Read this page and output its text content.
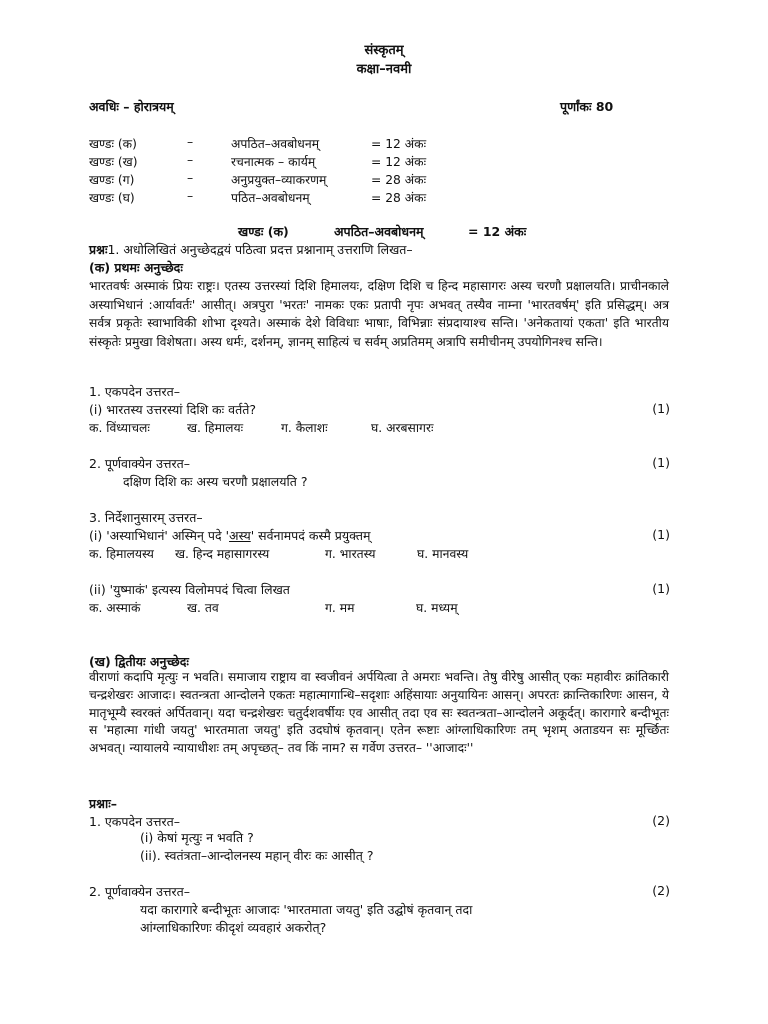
संस्कृतम्
कक्षा–नवमी
अवधिः – होरात्रयम्	पूर्णांकः 80
खण्डः (क)	–	अपठित–अवबोधनम्	= 12 अंकः
खण्डः (ख)	–	रचनात्मक – कार्यम्	= 12 अंकः
खण्डः (ग)	–	अनुप्रयुक्त–व्याकरणम्	= 28 अंकः
खण्डः (घ)	–	पठित–अवबोधनम्	= 28 अंकः
खण्डः (क)	अपठित–अवबोधनम्	= 12 अंकः
प्रश्नः1. अधोलिखितं अनुच्छेदद्वयं पठित्वा प्रदत्त प्रश्नानाम् उत्तराणि लिखत–
(क) प्रथमः अनुच्छेदः
भारतवर्षः अस्माकं प्रियः राष्ट्रः। एतस्य उत्तरस्यां दिशि हिमालयः, दक्षिण दिशि च हिन्द महासागरः अस्य चरणौ प्रक्षालयति। प्राचीनकाले अस्याभिधानं :आर्यावर्तः' आसीत्। अत्रपुरा 'भरतः' नामकः एकः प्रतापी नृपः अभवत् तस्यैव नाम्ना 'भारतवर्षम्' इति प्रसिद्धम्। अत्र सर्वत्र प्रकृतेः स्वाभाविकी शोभा दृश्यते। अस्माकं देशे विविधाः भाषाः, विभिन्नाः संप्रदायाश्च सन्ति। 'अनेकतायां एकता' इति भारतीय संस्कृतेः प्रमुखा विशेषता। अस्य धर्मः, दर्शनम्, ज्ञानम् साहित्यं च सर्वम् अप्रतिमम् अत्रापि समीचीनम् उपयोगिनश्च सन्ति।
1. एकपदेन उत्तरत–
(i) भारतस्य उत्तरस्यां दिशि कः वर्तते?	(1)
क. विंध्याचलः	ख. हिमालयः	ग. कैलाशः	घ. अरबसागरः
2. पूर्णवाक्येन उत्तरत–	(1)
दक्षिण दिशि कः अस्य चरणौ प्रक्षालयति ?
3. निर्देशानुसारम् उत्तरत–
(i) 'अस्याभिधानं' अस्मिन् पदे 'अस्य' सर्वनामपदं कस्मै प्रयुक्तम्	(1)
क. हिमालयस्य ख. हिन्द महासागरस्य	ग. भारतस्य	घ. मानवस्य
(ii) 'युष्माकं' इत्यस्य विलोमपदं चित्वा लिखत	(1)
क. अस्माकं	ख. तव	ग. मम	घ. मध्यम्
(ख) द्वितीयः अनुच्छेदः
वीराणां कदापि मृत्युः न भवति। समाजाय राष्ट्राय वा स्वजीवनं अर्पयित्वा ते अमराः भवन्ति। तेषु वीरेषु आसीत् एकः महावीरः क्रांतिकारी चन्द्रशेखरः आजादः। स्वतन्त्रता आन्दोलने एकतः महात्मागान्धि–सदृशाः अहिंसायाः अनुयायिनः आसन्। अपरतः क्रान्तिकारिणः आसन, ये मातृभूम्यै स्वरक्तं अर्पितवान्। यदा चन्द्रशेखरः चतुर्दशवर्षीयः एव आसीत् तदा एव सः स्वतन्त्रता–आन्दोलने अकूर्दत्। कारागारे बन्दीभूतः स 'महात्मा गांधी जयतु' भारतमाता जयतु' इति उदघोषं कृतवान्। एतेन रूष्टाः आंग्लाधिकारिणः तम् भृशम् अताडयन सः मूर्च्छितः अभवत्। न्यायालये न्यायाधीशः तम् अपृच्छत्– तव किं नाम? स गर्वेण उत्तरत– ''आजादः''
प्रश्नाः–
1. एकपदेन उत्तरत–	(2)
(i) केषां मृत्युः न भवति ?
(ii). स्वतंत्रता–आन्दोलनस्य महान् वीरः कः आसीत् ?
2. पूर्णवाक्येन उत्तरत–	(2)
यदा कारागारे बन्दीभूतः आजादः 'भारतमाता जयतु' इति उद्घोषं कृतवान् तदा
आंग्लाधिकारिणः कीदृशं व्यवहारं अकरोत्?
